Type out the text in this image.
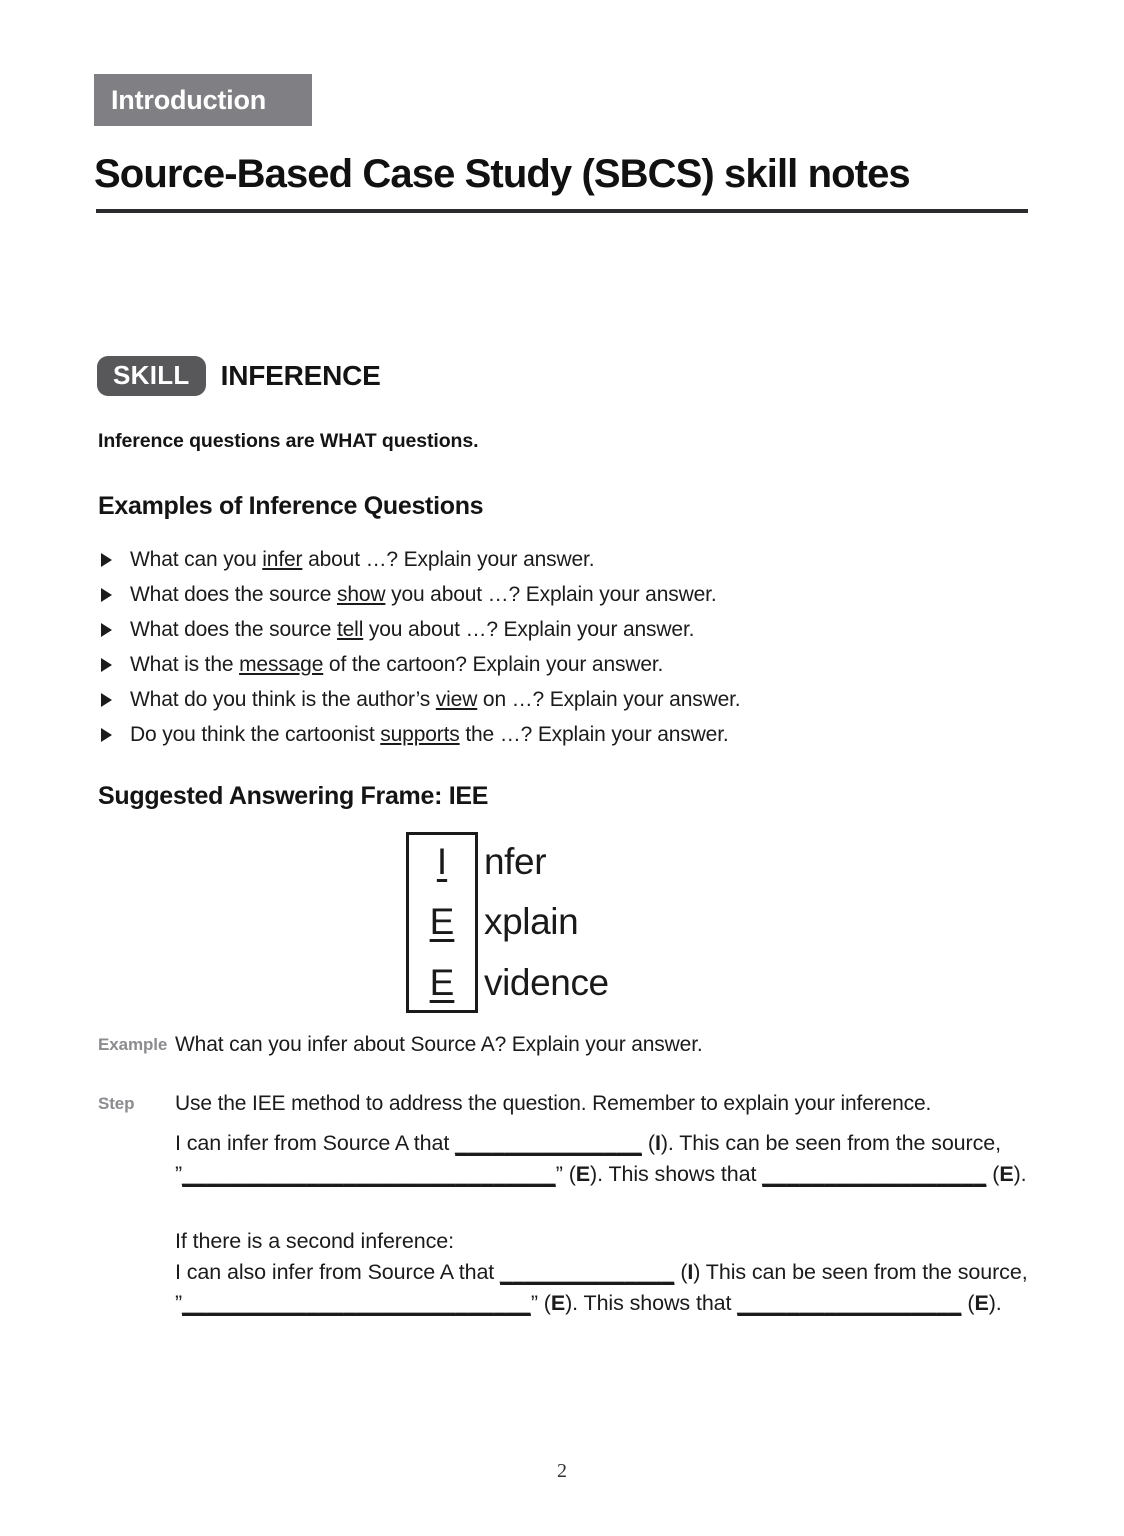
Introduction
Source-Based Case Study (SBCS) skill notes
SKILL	INFERENCE
Inference questions are WHAT questions.
Examples of Inference Questions
What can you infer about …? Explain your answer.
What does the source show you about …? Explain your answer.
What does the source tell you about …? Explain your answer.
What is the message of the cartoon? Explain your answer.
What do you think is the author’s view on …? Explain your answer.
Do you think the cartoonist supports the …? Explain your answer.
Suggested Answering Frame: IEE
I nfer
E xplain
E vidence
Example What can you infer about Source A? Explain your answer.
Step Use the IEE method to address the question. Remember to explain your inference.
I can infer from Source A that _______________ (I). This can be seen from the source,
”______________________________” (E). This shows that __________________ (E).
If there is a second inference:
I can also infer from Source A that ______________ (I) This can be seen from the source,
”____________________________” (E). This shows that __________________ (E).
2
